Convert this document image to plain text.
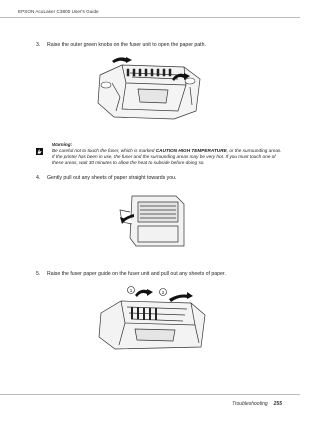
EPSON AcuLaser C3800 User's Guide
3. Raise the outer green knobs on the fuser unit to open the paper path.
Warning:
Be careful not to touch the fuser, which is marked CAUTION HIGH TEMPERATURE, or the surrounding areas. If the printer has been in use, the fuser and the surrounding areas may be very hot. If you must touch one of these areas, wait 30 minutes to allow the heat to subside before doing so.
4. Gently pull out any sheets of paper straight towards you.
5. Raise the fuser paper guide on the fuser unit and pull out any sheets of paper.
1	2
Troubleshooting 255
